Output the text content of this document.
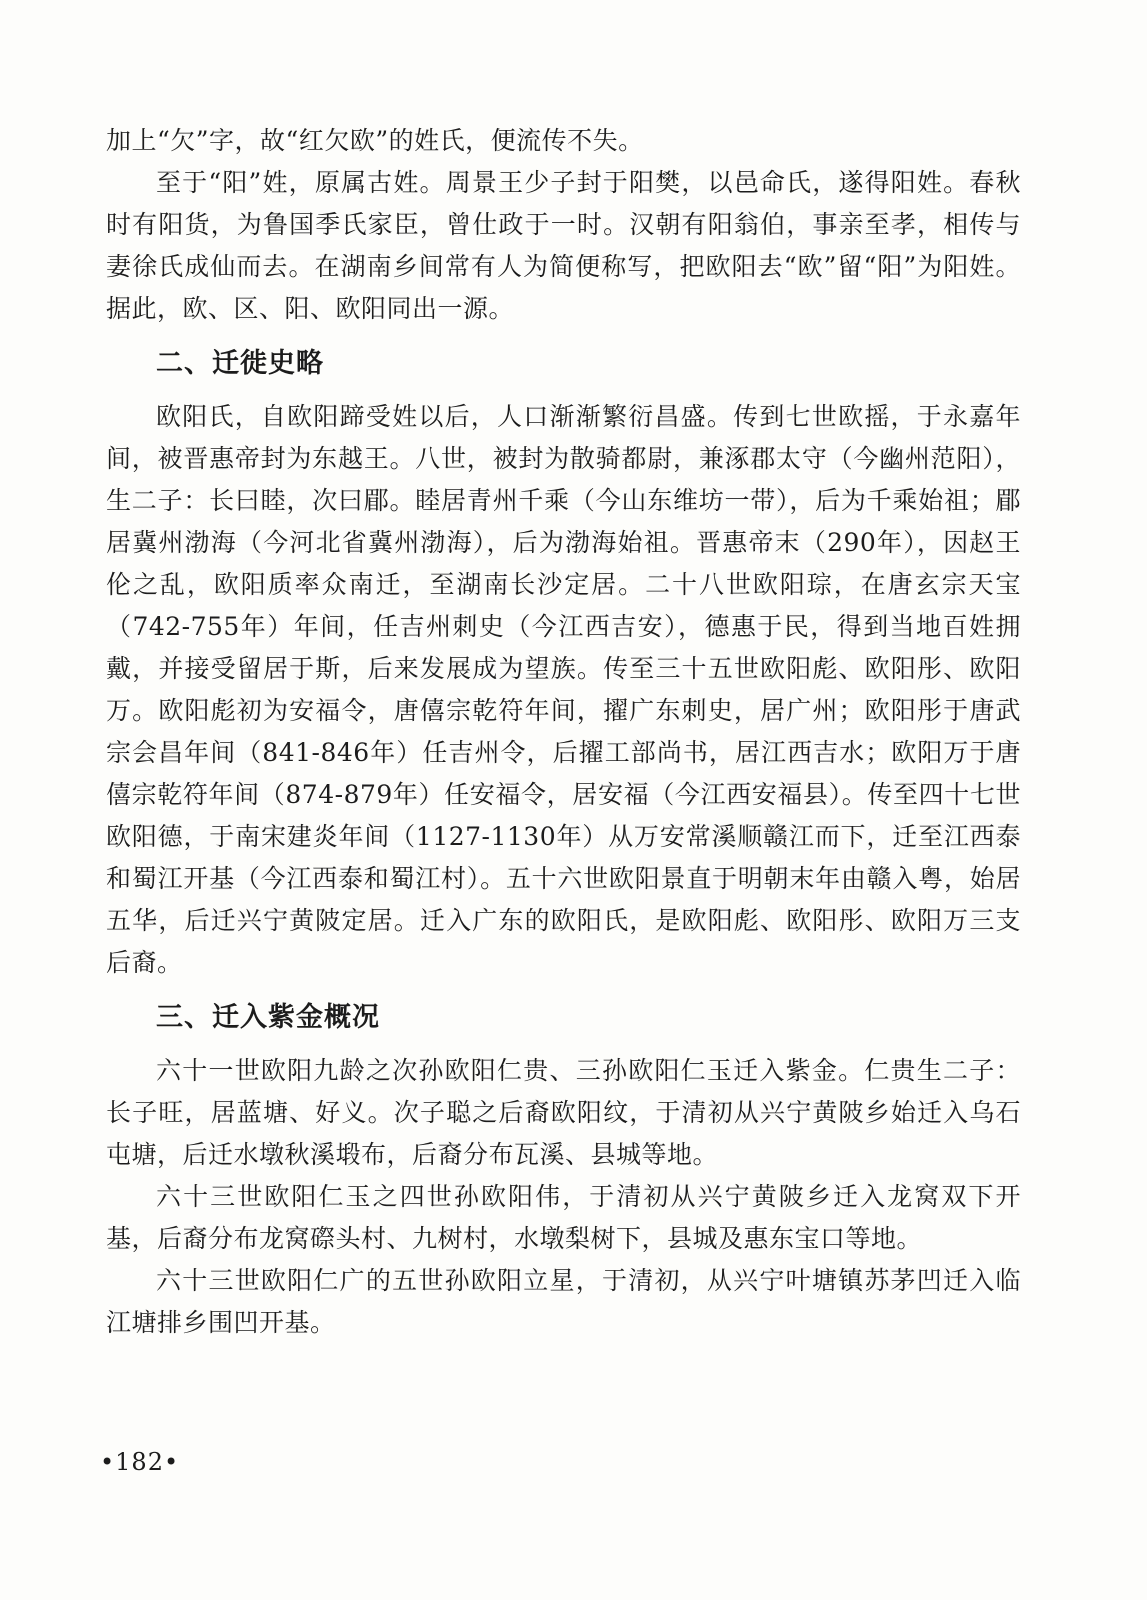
加上“欠”字，故“红欠欧”的姓氏，便流传不失。

至于“阳”姓，原属古姓。周景王少子封于阳樊，以邑命氏，遂得阳姓。春秋时有阳货，为鲁国季氏家臣，曾仕政于一时。汉朝有阳翁伯，事亲至孝，相传与妻徐氏成仙而去。在湖南乡间常有人为简便称写，把欧阳去“欧”留“阳”为阳姓。据此，欧、区、阳、欧阳同出一源。

二、迁徙史略

欧阳氏，自欧阳蹄受姓以后，人口渐渐繁衍昌盛。传到七世欧摇，于永嘉年间，被晋惠帝封为东越王。八世，被封为散骑都尉，兼涿郡太守（今幽州范阳），生二子：长曰睦，次曰郿。睦居青州千乘（今山东维坊一带），后为千乘始祖；郿居冀州渤海（今河北省冀州渤海），后为渤海始祖。晋惠帝末（290年），因赵王伦之乱，欧阳质率众南迁，至湖南长沙定居。二十八世欧阳琮，在唐玄宗天宝（742-755年）年间，任吉州刺史（今江西吉安），德惠于民，得到当地百姓拥戴，并接受留居于斯，后来发展成为望族。传至三十五世欧阳彪、欧阳彤、欧阳万。欧阳彪初为安福令，唐僖宗乾符年间，擢广东刺史，居广州；欧阳彤于唐武宗会昌年间（841-846年）任吉州令，后擢工部尚书，居江西吉水；欧阳万于唐僖宗乾符年间（874-879年）任安福令，居安福（今江西安福县）。传至四十七世欧阳德，于南宋建炎年间（1127-1130年）从万安常溪顺赣江而下，迁至江西泰和蜀江开基（今江西泰和蜀江村）。五十六世欧阳景直于明朝末年由赣入粤，始居五华，后迁兴宁黄陂定居。迁入广东的欧阳氏，是欧阳彪、欧阳彤、欧阳万三支后裔。

三、迁入紫金概况

六十一世欧阳九龄之次孙欧阳仁贵、三孙欧阳仁玉迁入紫金。仁贵生二子：长子旺，居蓝塘、好义。次子聪之后裔欧阳纹，于清初从兴宁黄陂乡始迁入乌石屯塘，后迁水墩秋溪塅布，后裔分布瓦溪、县城等地。

六十三世欧阳仁玉之四世孙欧阳伟，于清初从兴宁黄陂乡迁入龙窝双下开基，后裔分布龙窝磜头村、九树村，水墩梨树下，县城及惠东宝口等地。

六十三世欧阳仁广的五世孙欧阳立星，于清初，从兴宁叶塘镇苏茅凹迁入临江塘排乡围凹开基。

•182•
